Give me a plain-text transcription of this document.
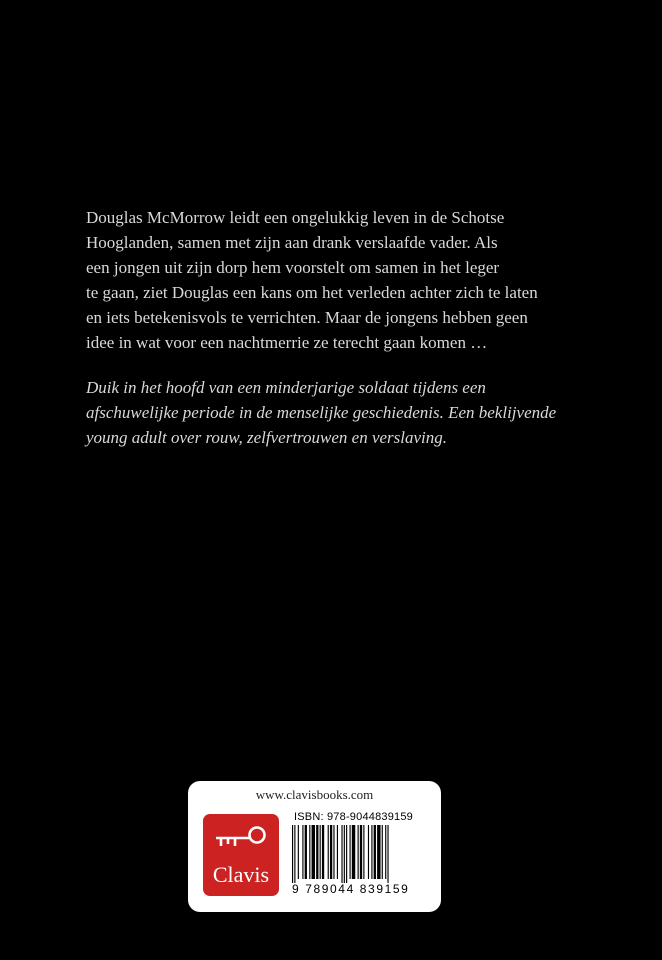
Douglas McMorrow leidt een ongelukkig leven in de Schotse
Hooglanden, samen met zijn aan drank verslaafde vader. Als
een jongen uit zijn dorp hem voorstelt om samen in het leger
te gaan, ziet Douglas een kans om het verleden achter zich te laten
en iets betekenisvols te verrichten. Maar de jongens hebben geen
idee in wat voor een nachtmerrie ze terecht gaan komen …

Duik in het hoofd van een minderjarige soldaat tijdens een
afschuwelijke periode in de menselijke geschiedenis. Een beklijvende
young adult over rouw, zelfvertrouwen en verslaving.

www.clavisbooks.com
Clavis
ISBN: 978-9044839159
9 789044 839159
